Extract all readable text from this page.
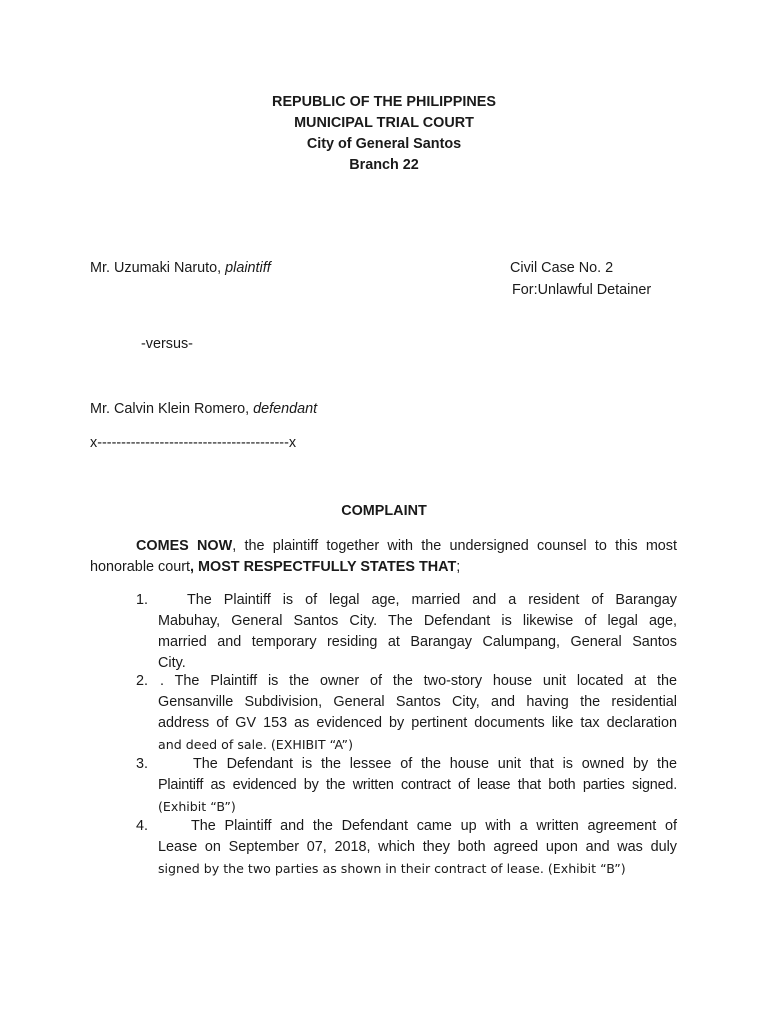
REPUBLIC OF THE PHILIPPINES
MUNICIPAL TRIAL COURT
City of General Santos
Branch 22
Mr. Uzumaki Naruto, plaintiff	Civil Case No. 2
For:Unlawful Detainer
-versus-
Mr. Calvin Klein Romero, defendant
x----------------------------------------x
COMPLAINT
COMES NOW, the plaintiff together with the undersigned counsel to this most
honorable court, MOST RESPECTFULLY STATES THAT;
1.	The Plaintiff is of legal age, married and a resident of Barangay
Mabuhay, General Santos City. The Defendant is likewise of legal age,
married and temporary residing at Barangay Calumpang, General Santos
City.
2. . The Plaintiff is the owner of the two-story house unit located at the
Gensanville Subdivision, General Santos City, and having the residential
address of GV 153 as evidenced by pertinent documents like tax declaration
and deed of sale. (EXHIBIT “A”)
3.	The Defendant is the lessee of the house unit that is owned by the
Plaintiff as evidenced by the written contract of lease that both parties signed.
(Exhibit “B”)
4.	The Plaintiff and the Defendant came up with a written agreement of
Lease on September 07, 2018, which they both agreed upon and was duly
signed by the two parties as shown in their contract of lease. (Exhibit “B”)
